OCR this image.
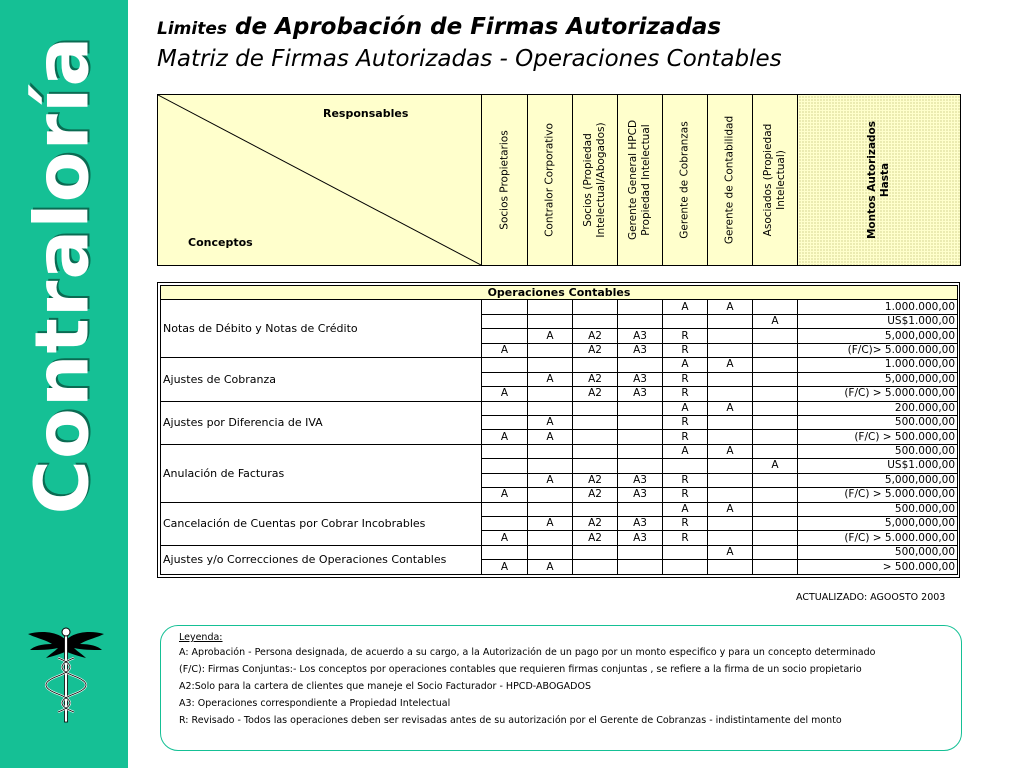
Contraloría
Limites de Aprobación de Firmas Autorizadas
Matriz de Firmas Autorizadas - Operaciones Contables
Responsables
Conceptos

Socios Propietarios	Contralor Corporativo	Socios (Propiedad Intelectual/Abogados)	Gerente General HPCD Propiedad Intelectual	Gerente de Cobranzas	Gerente de Contabilidad	Asociados (Propiedad Intelectual)	Montos Autorizados Hasta
Operaciones Contables								
Notas de Débito y Notas de Crédito					A	A		1.000.000,00
							A	US$1.000,00
		A	A2	A3	R			5,000,000,00
	A		A2	A3	R			(F/C)> 5.000.000,00
Ajustes de Cobranza					A	A		1.000.000,00
		A	A2	A3	R			5,000,000,00
	A		A2	A3	R			(F/C) > 5.000.000,00
Ajustes por Diferencia de IVA					A	A		200.000,00
		A			R			500.000,00
	A	A			R			(F/C) > 500.000,00
Anulación de Facturas					A	A		500.000,00
							A	US$1.000,00
		A	A2	A3	R			5,000,000,00
	A		A2	A3	R			(F/C) > 5.000.000,00
Cancelación de Cuentas por Cobrar Incobrables					A	A		500.000,00
		A	A2	A3	R			5,000,000,00
	A		A2	A3	R			(F/C) > 5.000.000,00
Ajustes y/o Correcciones de Operaciones Contables						A		500,000,00
	A	A						> 500.000,00
ACTUALIZADO: AGOOSTO 2003

Leyenda:

A: Aprobación - Persona designada, de acuerdo a su cargo, a la Autorización de un pago por un monto especifico y para un concepto determinado

(F/C): Firmas Conjuntas:- Los conceptos por operaciones contables que requieren firmas conjuntas , se refiere a la firma de un socio propietario

A2:Solo para la cartera de clientes que maneje el Socio Facturador - HPCD-ABOGADOS

A3: Operaciones correspondiente a Propiedad Intelectual

R: Revisado - Todos las operaciones deben ser revisadas antes de su autorización por el Gerente de Cobranzas - indistintamente del monto
